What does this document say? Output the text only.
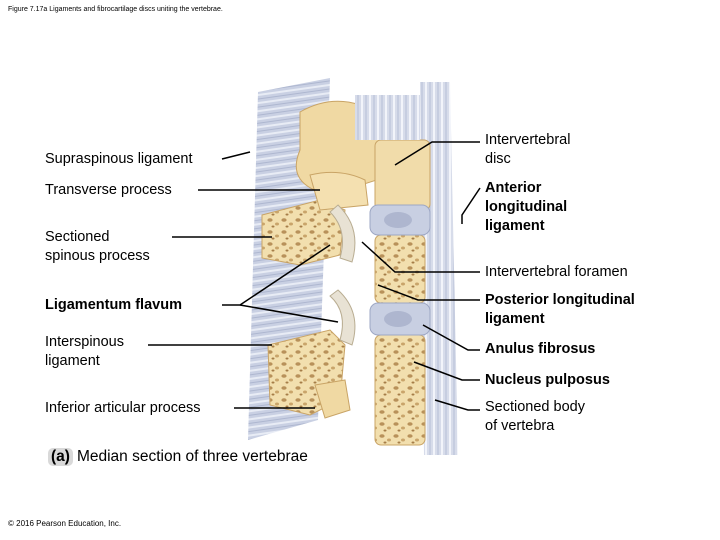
Figure 7.17a Ligaments and fibrocartilage discs uniting the vertebrae.
Supraspinous ligament
Transverse process
Sectioned
spinous process
Ligamentum flavum
Interspinous
ligament
Inferior articular process
Intervertebral
disc
Anterior
longitudinal
ligament
Intervertebral foramen
Posterior longitudinal
ligament
Anulus fibrosus
Nucleus pulposus
Sectioned body
of vertebra
(a) Median section of three vertebrae
© 2016 Pearson Education, Inc.
